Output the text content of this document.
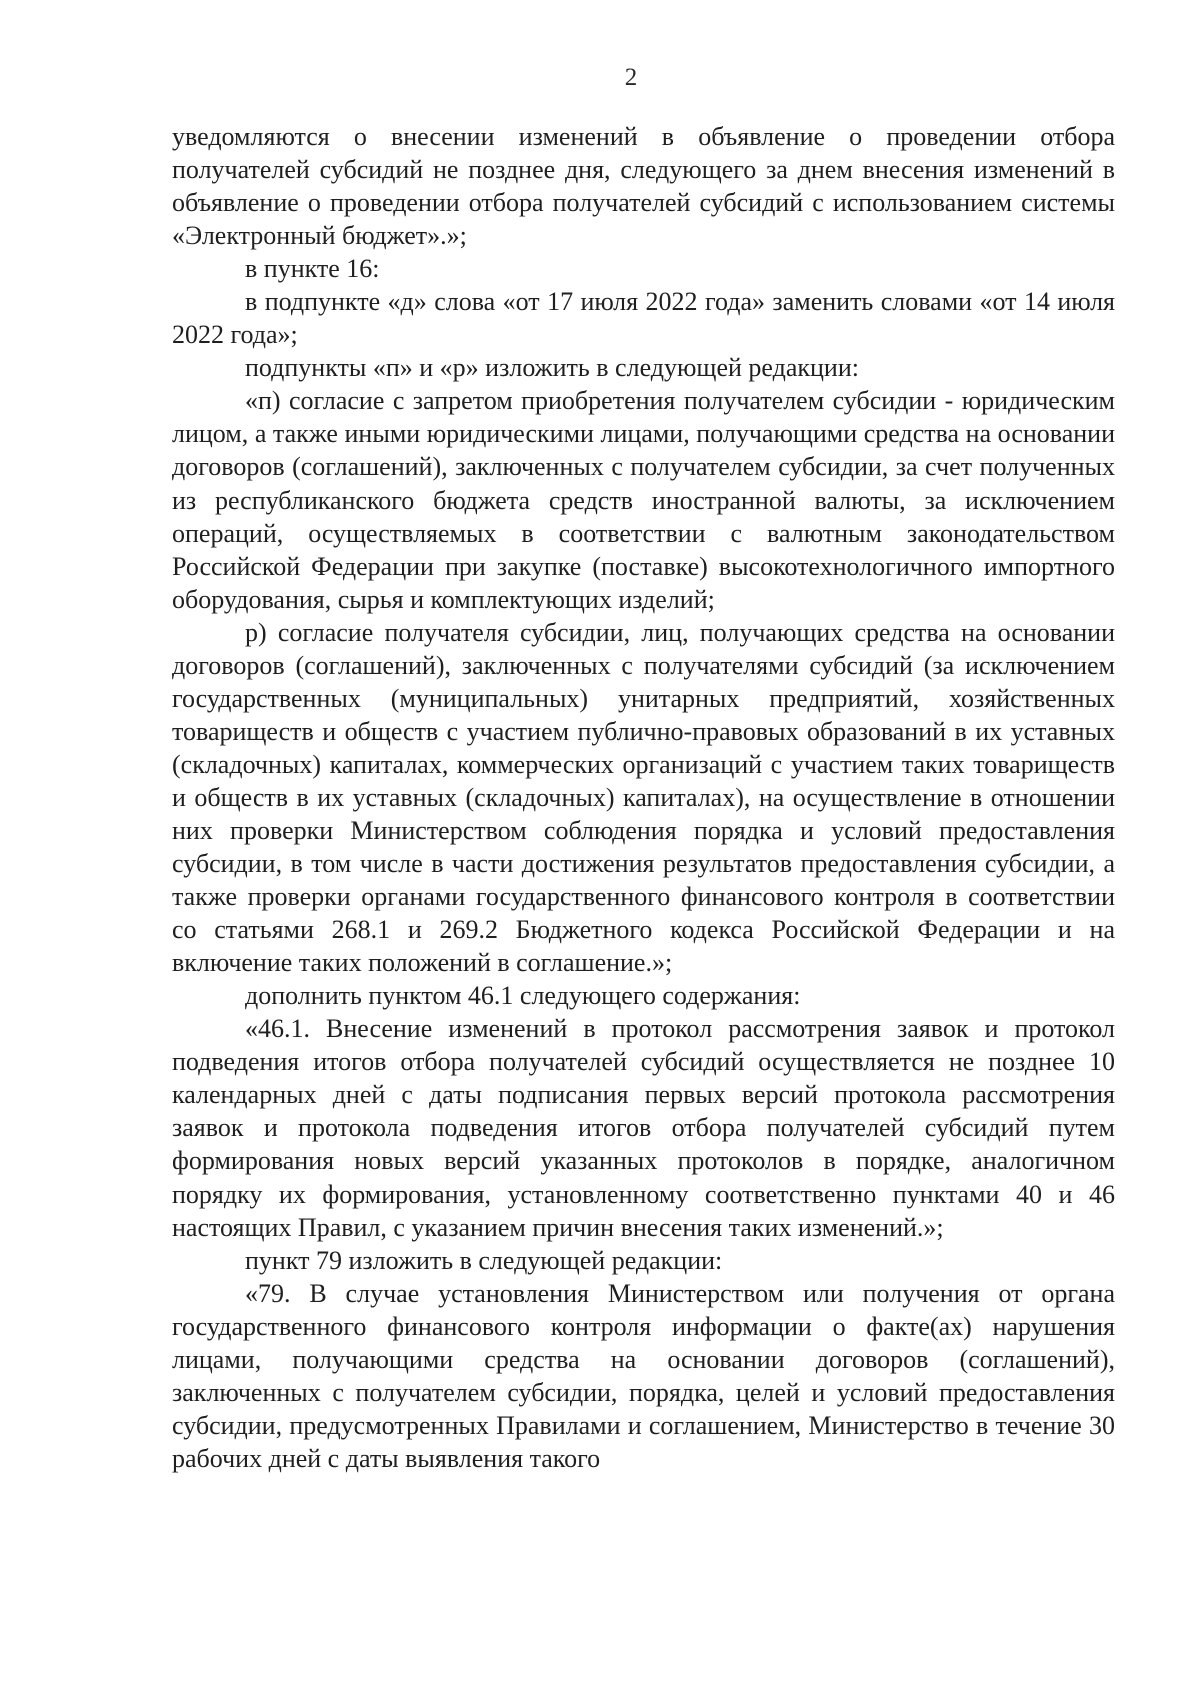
2

уведомляются о внесении изменений в объявление о проведении отбора получателей субсидий не позднее дня, следующего за днем внесения изменений в объявление о проведении отбора получателей субсидий с использованием системы «Электронный бюджет».»;

в пункте 16:

в подпункте «д» слова «от 17 июля 2022 года» заменить словами «от 14 июля 2022 года»;

подпункты «п» и «р» изложить в следующей редакции:

«п) согласие с запретом приобретения получателем субсидии - юридическим лицом, а также иными юридическими лицами, получающими средства на основании договоров (соглашений), заключенных с получателем субсидии, за счет полученных из республиканского бюджета средств иностранной валюты, за исключением операций, осуществляемых в соответствии с валютным законодательством Российской Федерации при закупке (поставке) высокотехнологичного импортного оборудования, сырья и комплектующих изделий;

р) согласие получателя субсидии, лиц, получающих средства на основании договоров (соглашений), заключенных с получателями субсидий (за исключением государственных (муниципальных) унитарных предприятий, хозяйственных товариществ и обществ с участием публично-правовых образований в их уставных (складочных) капиталах, коммерческих организаций с участием таких товариществ и обществ в их уставных (складочных) капиталах), на осуществление в отношении них проверки Министерством соблюдения порядка и условий предоставления субсидии, в том числе в части достижения результатов предоставления субсидии, а также проверки органами государственного финансового контроля в соответствии со статьями 268.1 и 269.2 Бюджетного кодекса Российской Федерации и на включение таких положений в соглашение.»;

дополнить пунктом 46.1 следующего содержания:

«46.1. Внесение изменений в протокол рассмотрения заявок и протокол подведения итогов отбора получателей субсидий осуществляется не позднее 10 календарных дней с даты подписания первых версий протокола рассмотрения заявок и протокола подведения итогов отбора получателей субсидий путем формирования новых версий указанных протоколов в порядке, аналогичном порядку их формирования, установленному соответственно пунктами 40 и 46 настоящих Правил, с указанием причин внесения таких изменений.»;

пункт 79 изложить в следующей редакции:

«79. В случае установления Министерством или получения от органа государственного финансового контроля информации о факте(ах) нарушения лицами, получающими средства на основании договоров (соглашений), заключенных с получателем субсидии, порядка, целей и условий предоставления субсидии, предусмотренных Правилами и соглашением, Министерство в течение 30 рабочих дней с даты выявления такого
